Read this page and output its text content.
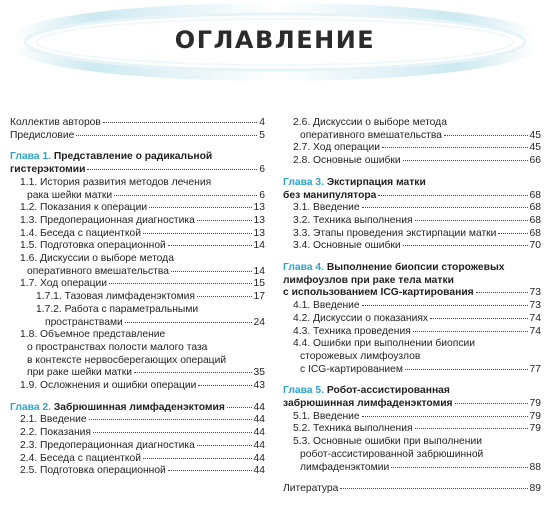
ОГЛАВЛЕНИЕ
Коллектив авторов	4
Предисловие	5
Глава 1. Представление о радикальной
гистерэктомии	6
1.1. История развития методов лечения
рака шейки матки	6
1.2. Показания к операции	13
1.3. Предоперационная диагностика	13
1.4. Беседа с пациенткой	13
1.5. Подготовка операционной	14
1.6. Дискуссии о выборе метода
оперативного вмешательства	14
1.7. Ход операции	15
1.7.1. Тазовая лимфаденэктомия	17
1.7.2. Работа с параметральными
пространствами	24
1.8. Объемное представление
о пространствах полости малого таза
в контексте нервосберегающих операций
при раке шейки матки	35
1.9. Осложнения и ошибки операции	43
Глава 2. Забрюшинная лимфаденэктомия	44
2.1. Введение	44
2.2. Показания	44
2.3. Предоперационная диагностика	44
2.4. Беседа с пациенткой	44
2.5. Подготовка операционной	44
2.6. Дискуссии о выборе метода
оперативного вмешательства	45
2.7. Ход операции	45
2.8. Основные ошибки	66
Глава 3. Экстирпация матки
без манипулятора	68
3.1. Введение	68
3.2. Техника выполнения	68
3.3. Этапы проведения экстирпации матки	68
3.4. Основные ошибки	70
Глава 4. Выполнение биопсии сторожевых
лимфоузлов при раке тела матки
с использованием ICG-картирования	73
4.1. Введение	73
4.2. Дискуссии о показаниях	74
4.3. Техника проведения	74
4.4. Ошибки при выполнении биопсии
сторожевых лимфоузлов
с ICG-картированием	77
Глава 5. Робот-ассистированная
забрюшинная лимфаденэктомия	79
5.1. Введение	79
5.2. Техника выполнения	79
5.3. Основные ошибки при выполнении
робот-ассистированной забрюшинной
лимфаденэктомии	88
Литература	89
